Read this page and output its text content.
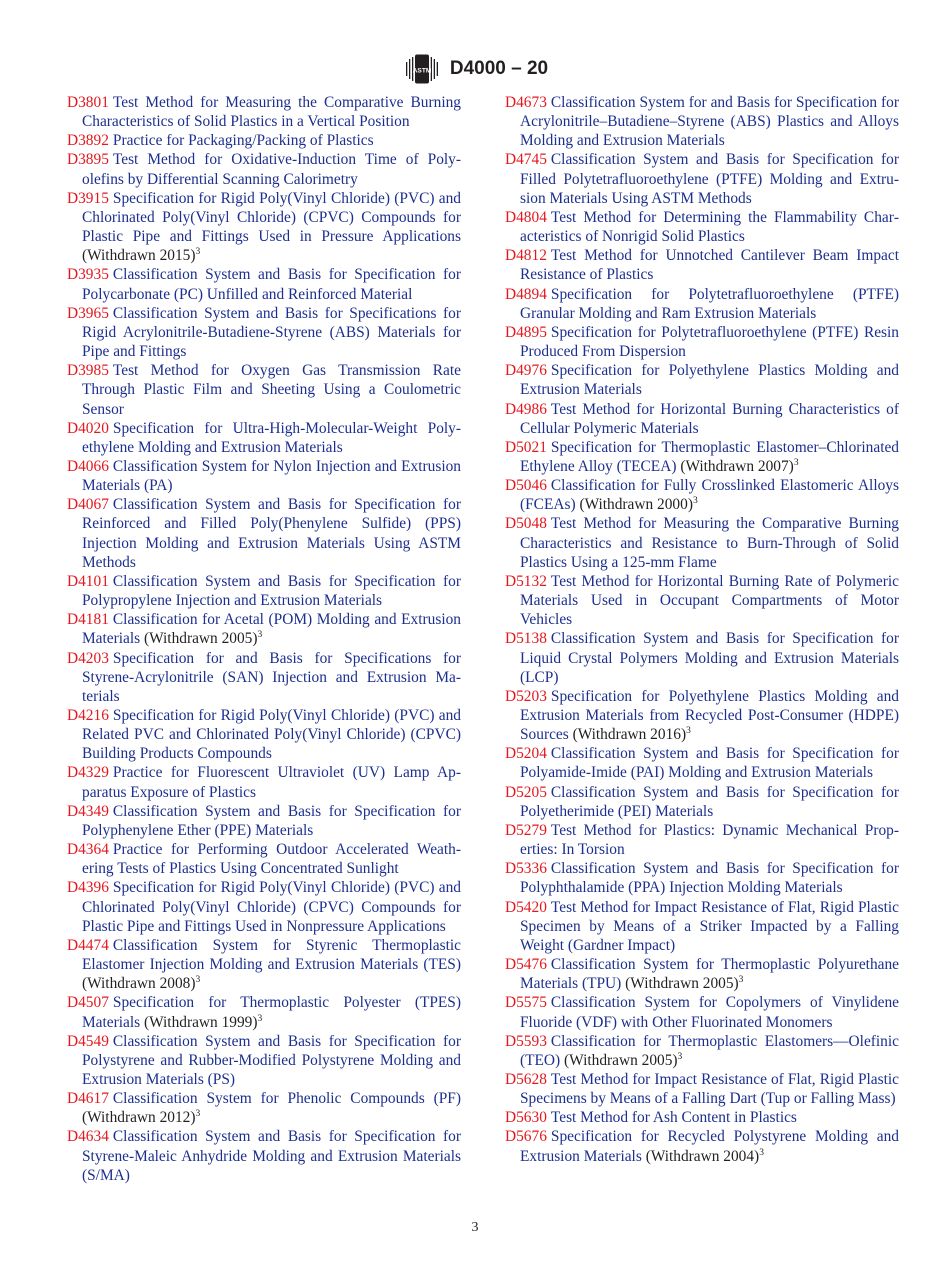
ASTM D4000 – 20
D3801 Test Method for Measuring the Comparative Burning Characteristics of Solid Plastics in a Vertical Position
D3892 Practice for Packaging/Packing of Plastics
D3895 Test Method for Oxidative-Induction Time of Polyolefins by Differential Scanning Calorimetry
D3915 Specification for Rigid Poly(Vinyl Chloride) (PVC) and Chlorinated Poly(Vinyl Chloride) (CPVC) Compounds for Plastic Pipe and Fittings Used in Pressure Applications (Withdrawn 2015)$^3$
D3935 Classification System and Basis for Specification for Polycarbonate (PC) Unfilled and Reinforced Material
D3965 Classification System and Basis for Specifications for Rigid Acrylonitrile-Butadiene-Styrene (ABS) Materials for Pipe and Fittings
D3985 Test Method for Oxygen Gas Transmission Rate Through Plastic Film and Sheeting Using a Coulometric Sensor
D4020 Specification for Ultra-High-Molecular-Weight Polyethylene Molding and Extrusion Materials
D4066 Classification System for Nylon Injection and Extrusion Materials (PA)
D4067 Classification System and Basis for Specification for Reinforced and Filled Poly(Phenylene Sulfide) (PPS) Injection Molding and Extrusion Materials Using ASTM Methods
D4101 Classification System and Basis for Specification for Polypropylene Injection and Extrusion Materials
D4181 Classification for Acetal (POM) Molding and Extrusion Materials (Withdrawn 2005)$^3$
D4203 Specification for and Basis for Specifications for Styrene-Acrylonitrile (SAN) Injection and Extrusion Materials
D4216 Specification for Rigid Poly(Vinyl Chloride) (PVC) and Related PVC and Chlorinated Poly(Vinyl Chloride) (CPVC) Building Products Compounds
D4329 Practice for Fluorescent Ultraviolet (UV) Lamp Apparatus Exposure of Plastics
D4349 Classification System and Basis for Specification for Polyphenylene Ether (PPE) Materials
D4364 Practice for Performing Outdoor Accelerated Weathering Tests of Plastics Using Concentrated Sunlight
D4396 Specification for Rigid Poly(Vinyl Chloride) (PVC) and Chlorinated Poly(Vinyl Chloride) (CPVC) Compounds for Plastic Pipe and Fittings Used in Nonpressure Applications
D4474 Classification System for Styrenic Thermoplastic Elastomer Injection Molding and Extrusion Materials (TES) (Withdrawn 2008)$^3$
D4507 Specification for Thermoplastic Polyester (TPES) Materials (Withdrawn 1999)$^3$
D4549 Classification System and Basis for Specification for Polystyrene and Rubber-Modified Polystyrene Molding and Extrusion Materials (PS)
D4617 Classification System for Phenolic Compounds (PF) (Withdrawn 2012)$^3$
D4634 Classification System and Basis for Specification for Styrene-Maleic Anhydride Molding and Extrusion Materials (S/MA)
D4673 Classification System for and Basis for Specification for Acrylonitrile–Butadiene–Styrene (ABS) Plastics and Alloys Molding and Extrusion Materials
D4745 Classification System and Basis for Specification for Filled Polytetrafluoroethylene (PTFE) Molding and Extrusion Materials Using ASTM Methods
D4804 Test Method for Determining the Flammability Characteristics of Nonrigid Solid Plastics
D4812 Test Method for Unnotched Cantilever Beam Impact Resistance of Plastics
D4894 Specification for Polytetrafluoroethylene (PTFE) Granular Molding and Ram Extrusion Materials
D4895 Specification for Polytetrafluoroethylene (PTFE) Resin Produced From Dispersion
D4976 Specification for Polyethylene Plastics Molding and Extrusion Materials
D4986 Test Method for Horizontal Burning Characteristics of Cellular Polymeric Materials
D5021 Specification for Thermoplastic Elastomer–Chlorinated Ethylene Alloy (TECEA) (Withdrawn 2007)$^3$
D5046 Classification for Fully Crosslinked Elastomeric Alloys (FCEAs) (Withdrawn 2000)$^3$
D5048 Test Method for Measuring the Comparative Burning Characteristics and Resistance to Burn-Through of Solid Plastics Using a 125-mm Flame
D5132 Test Method for Horizontal Burning Rate of Polymeric Materials Used in Occupant Compartments of Motor Vehicles
D5138 Classification System and Basis for Specification for Liquid Crystal Polymers Molding and Extrusion Materials (LCP)
D5203 Specification for Polyethylene Plastics Molding and Extrusion Materials from Recycled Post-Consumer (HDPE) Sources (Withdrawn 2016)$^3$
D5204 Classification System and Basis for Specification for Polyamide-Imide (PAI) Molding and Extrusion Materials
D5205 Classification System and Basis for Specification for Polyetherimide (PEI) Materials
D5279 Test Method for Plastics: Dynamic Mechanical Properties: In Torsion
D5336 Classification System and Basis for Specification for Polyphthalamide (PPA) Injection Molding Materials
D5420 Test Method for Impact Resistance of Flat, Rigid Plastic Specimen by Means of a Striker Impacted by a Falling Weight (Gardner Impact)
D5476 Classification System for Thermoplastic Polyurethane Materials (TPU) (Withdrawn 2005)$^3$
D5575 Classification System for Copolymers of Vinylidene Fluoride (VDF) with Other Fluorinated Monomers
D5593 Classification for Thermoplastic Elastomers—Olefinic (TEO) (Withdrawn 2005)$^3$
D5628 Test Method for Impact Resistance of Flat, Rigid Plastic Specimens by Means of a Falling Dart (Tup or Falling Mass)
D5630 Test Method for Ash Content in Plastics
D5676 Specification for Recycled Polystyrene Molding and Extrusion Materials (Withdrawn 2004)$^3$
3
